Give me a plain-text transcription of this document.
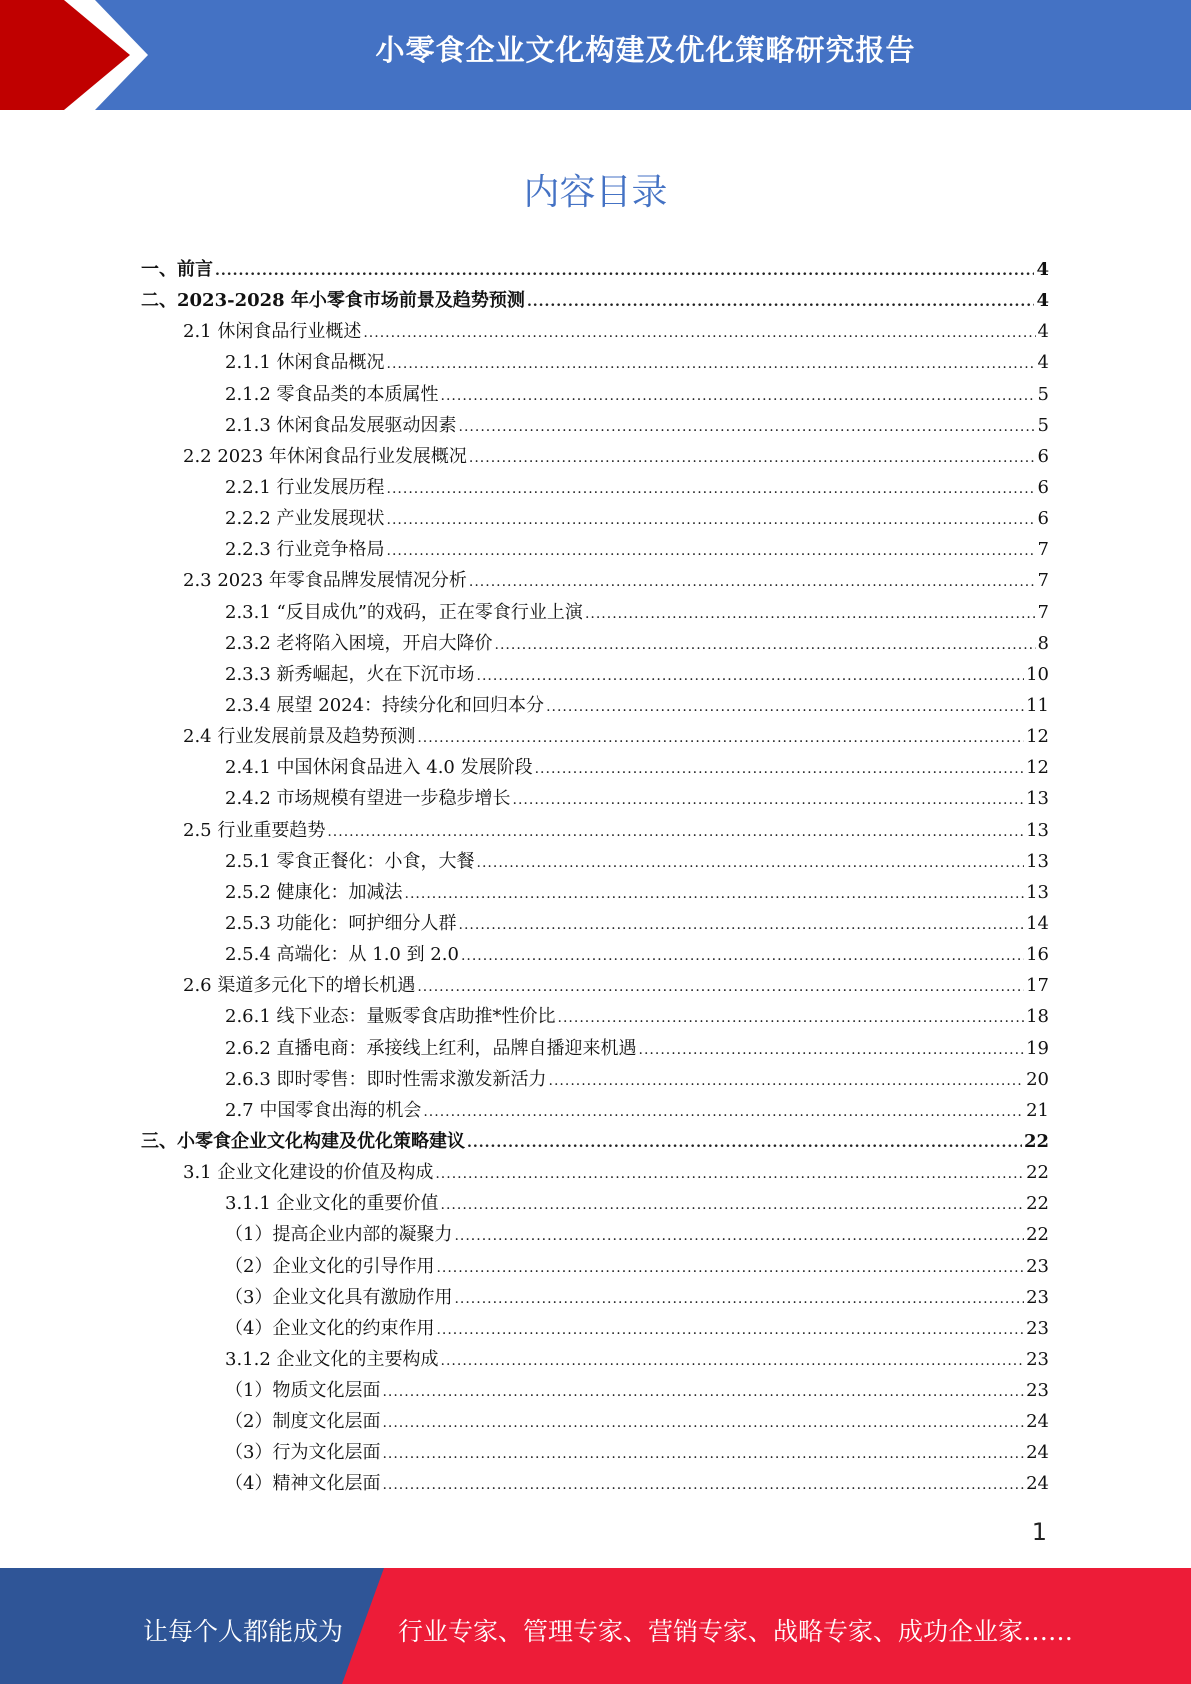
小零食企业文化构建及优化策略研究报告
内容目录
一、前言 .....	4
二、2023-2028 年小零食市场前景及趋势预测 .....	4
2.1 休闲食品行业概述 .....	4
2.1.1 休闲食品概况 .....	4
2.1.2 零食品类的本质属性 .....	5
2.1.3 休闲食品发展驱动因素 .....	5
2.2 2023 年休闲食品行业发展概况 .....	6
2.2.1 行业发展历程 .....	6
2.2.2 产业发展现状 .....	6
2.2.3 行业竞争格局 .....	7
2.3 2023 年零食品牌发展情况分析 .....	7
2.3.1 “反目成仇”的戏码，正在零食行业上演 .....	7
2.3.2 老将陷入困境，开启大降价 .....	8
2.3.3 新秀崛起，火在下沉市场 .....	10
2.3.4 展望 2024：持续分化和回归本分 .....	11
2.4 行业发展前景及趋势预测 .....	12
2.4.1 中国休闲食品进入 4.0 发展阶段 .....	12
2.4.2 市场规模有望进一步稳步增长 .....	13
2.5 行业重要趋势 .....	13
2.5.1 零食正餐化：小食，大餐 .....	13
2.5.2 健康化：加减法 .....	13
2.5.3 功能化：呵护细分人群 .....	14
2.5.4 高端化：从 1.0 到 2.0 .....	16
2.6 渠道多元化下的增长机遇 .....	17
2.6.1 线下业态：量贩零食店助推*性价比 .....	18
2.6.2 直播电商：承接线上红利，品牌自播迎来机遇 .....	19
2.6.3 即时零售：即时性需求激发新活力 .....	20
2.7 中国零食出海的机会 .....	21
三、小零食企业文化构建及优化策略建议 .....	22
3.1 企业文化建设的价值及构成 .....	22
3.1.1 企业文化的重要价值 .....	22
（1）提高企业内部的凝聚力 .....	22
（2）企业文化的引导作用 .....	23
（3）企业文化具有激励作用 .....	23
（4）企业文化的约束作用 .....	23
3.1.2 企业文化的主要构成 .....	23
（1）物质文化层面 .....	23
（2）制度文化层面 .....	24
（3）行为文化层面 .....	24
（4）精神文化层面 .....	24
1
让每个人都能成为 行业专家、管理专家、营销专家、战略专家、成功企业家……
